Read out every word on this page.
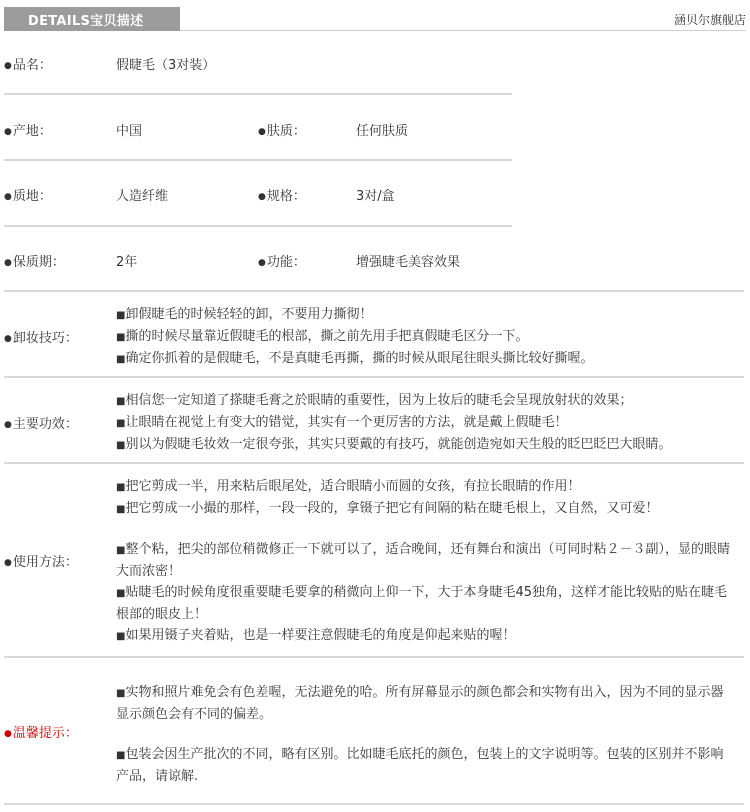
DETAILS宝贝描述	涵贝尔旗舰店
● 品名：	假睫毛（3对装）
● 产地：	中国	● 肤质：	任何肤质
● 质地：	人造纤维	● 规格：	3对/盒
● 保质期：	2年	● 功能：	增强睫毛美容效果
● 卸妆技巧：
■ 卸假睫毛的时候轻轻的卸，不要用力撕彻！
■ 撕的时候尽量靠近假睫毛的根部，撕之前先用手把真假睫毛区分一下。
■ 确定你抓着的是假睫毛，不是真睫毛再撕，撕的时候从眼尾往眼头撕比较好撕喔。
● 主要功效：
■ 相信您一定知道了搽睫毛膏之於眼睛的重要性，因为上妆后的睫毛会呈现放射状的效果；
■ 让眼睛在视觉上有变大的错觉，其实有一个更厉害的方法，就是戴上假睫毛！
■ 别以为假睫毛妆效一定很夸张，其实只要戴的有技巧，就能创造宛如天生般的眨巴眨巴大眼睛。
● 使用方法：
■ 把它剪成一半，用来粘后眼尾处，适合眼睛小而圆的女孩，有拉长眼睛的作用！
■ 把它剪成一小撮的那样，一段一段的，拿镊子把它有间隔的粘在睫毛根上，又自然，又可爱！
■ 整个粘，把尖的部位稍微修正一下就可以了，适合晚间，还有舞台和演出（可同时粘２－３副），显的眼睛大而浓密！
■ 贴睫毛的时候角度很重要睫毛要拿的稍微向上仰一下，大于本身睫毛45独角，这样才能比较贴的贴在睫毛根部的眼皮上！
■ 如果用镊子夹着贴，也是一样要注意假睫毛的角度是仰起来贴的喔！
● 温馨提示：
■ 实物和照片难免会有色差喔，无法避免的哈。所有屏幕显示的颜色都会和实物有出入，因为不同的显示器显示颜色会有不同的偏差。
■ 包装会因生产批次的不同，略有区别。比如睫毛底托的颜色，包装上的文字说明等。包装的区别并不影响产品，请谅解.
